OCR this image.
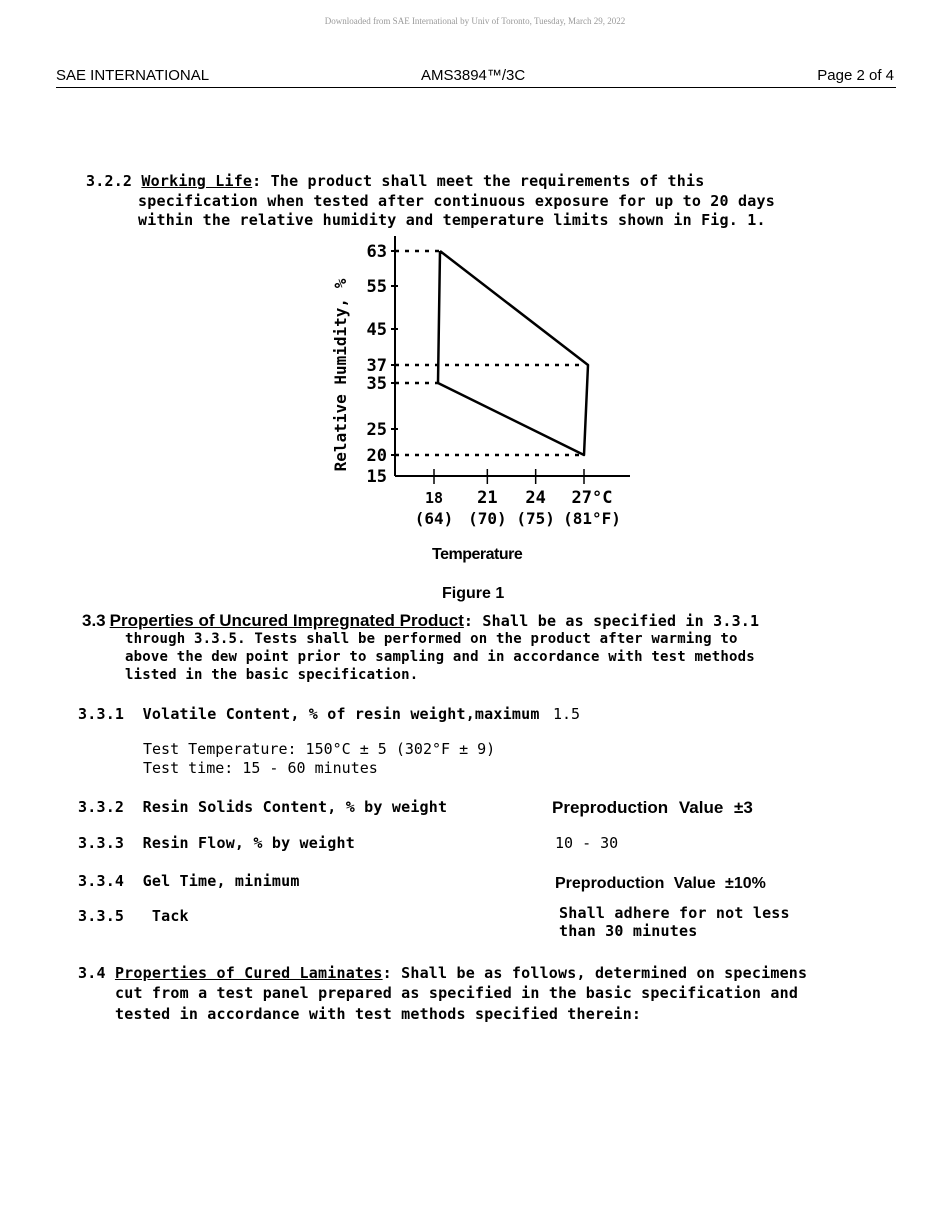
Downloaded from SAE International by Univ of Toronto, Tuesday, March 29, 2022
SAE INTERNATIONAL	AMS3894™/3C	Page 2 of 4
3.2.2 Working Life: The product shall meet the requirements of this
specification when tested after continuous exposure for up to 20 days
within the relative humidity and temperature limits shown in Fig. 1.
15
20
25
35
37
45
55
63
18
(64)
21
(70)
24
(75)
27°C
(81°F)
Relative Humidity, %
Temperature
Figure 1
3.3 Properties of Uncured Impregnated Product: Shall be as specified in 3.3.1
through 3.3.5. Tests shall be performed on the product after warming to
above the dew point prior to sampling and in accordance with test methods
listed in the basic specification.
3.3.1 Volatile Content, % of resin weight,maximum 1.5
Test Temperature: 150°C ± 5 (302°F ± 9)
Test time: 15 - 60 minutes
3.3.2 Resin Solids Content, % by weight	Preproduction Value ±3
3.3.3 Resin Flow, % by weight	10 - 30
3.3.4 Gel Time, minimum	Preproduction Value ±10%
3.3.5 Tack	Shall adhere for not less
than 30 minutes
3.4 Properties of Cured Laminates: Shall be as follows, determined on specimens
cut from a test panel prepared as specified in the basic specification and
tested in accordance with test methods specified therein:
